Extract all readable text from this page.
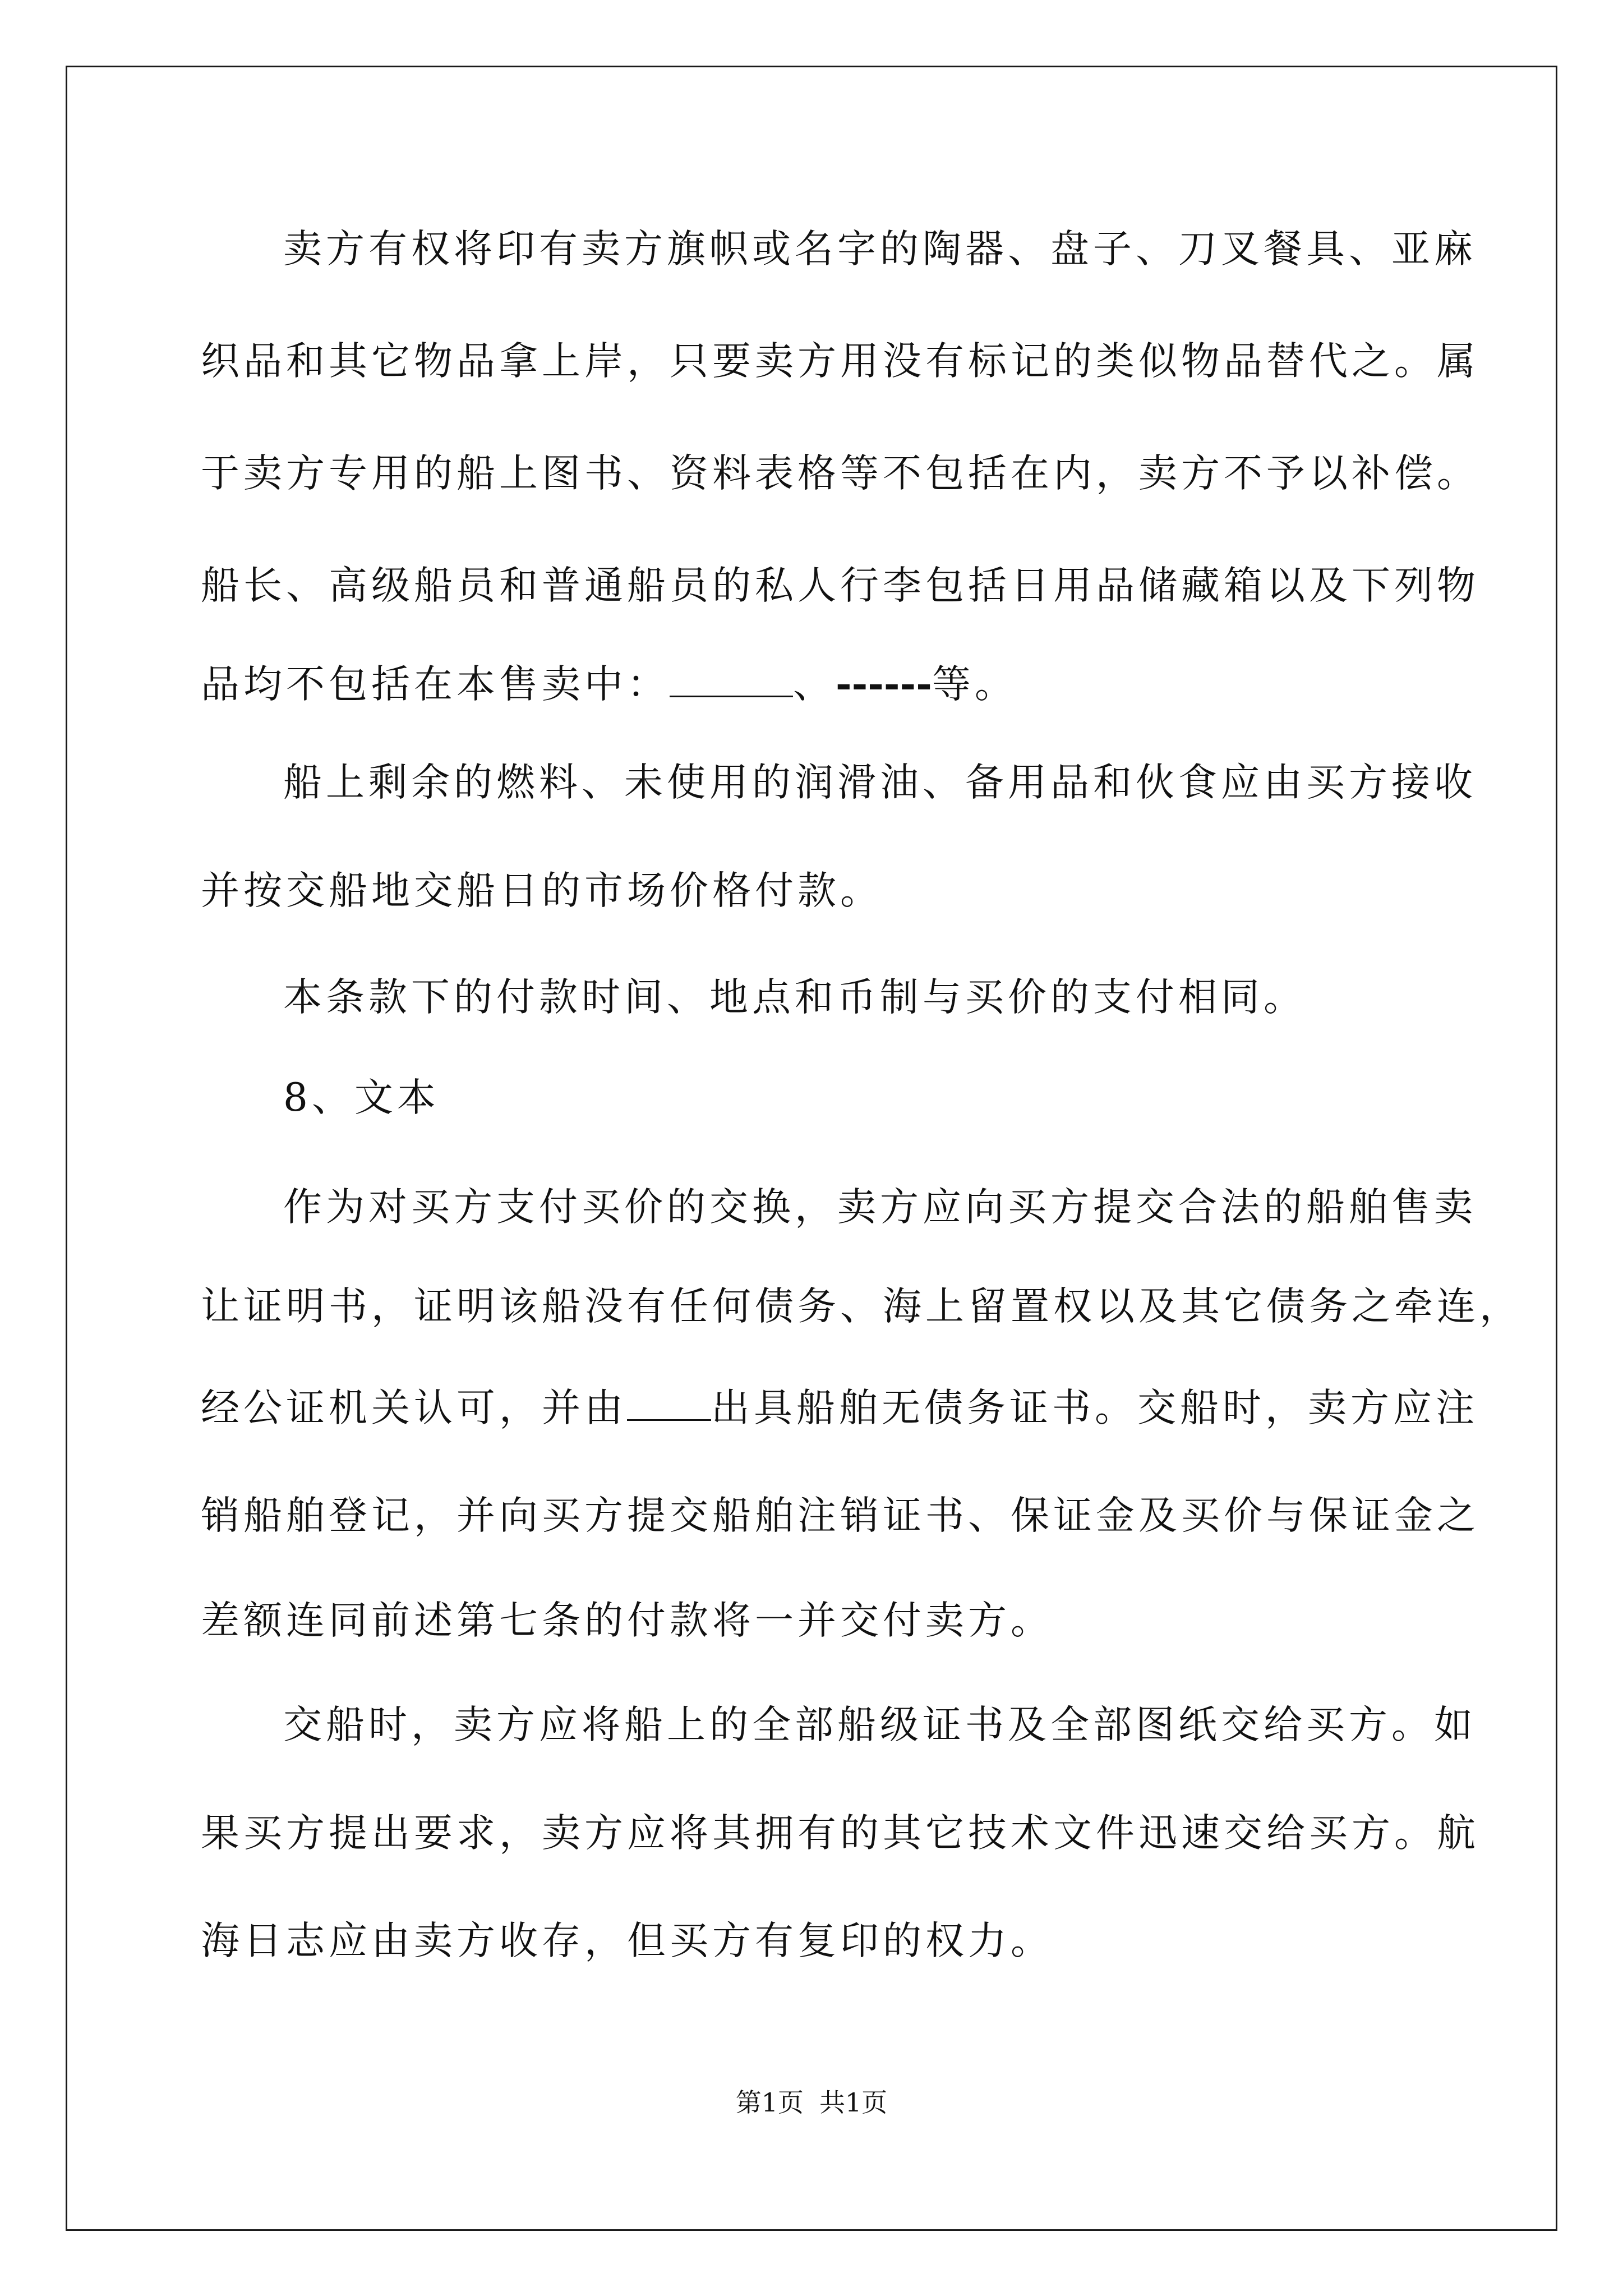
卖方有权将印有卖方旗帜或名字的陶器、盘子、刀叉餐具、亚麻
织品和其它物品拿上岸，只要卖方用没有标记的类似物品替代之。属
于卖方专用的船上图书、资料表格等不包括在内，卖方不予以补偿。
船长、高级船员和普通船员的私人行李包括日用品储藏箱以及下列物
品均不包括在本售卖中：	、------等。
船上剩余的燃料、未使用的润滑油、备用品和伙食应由买方接收
并按交船地交船日的市场价格付款。
本条款下的付款时间、地点和币制与买价的支付相同。
8、文本
作为对买方支付买价的交换，卖方应向买方提交合法的船舶售卖
让证明书，证明该船没有任何债务、海上留置权以及其它债务之牵连，
经公证机关认可，并由 出具船舶无债务证书。交船时，卖方应注
销船舶登记，并向买方提交船舶注销证书、保证金及买价与保证金之
差额连同前述第七条的付款将一并交付卖方。
交船时，卖方应将船上的全部船级证书及全部图纸交给买方。如
果买方提出要求，卖方应将其拥有的其它技术文件迅速交给买方。航
海日志应由卖方收存，但买方有复印的权力。
第1页 共1页
